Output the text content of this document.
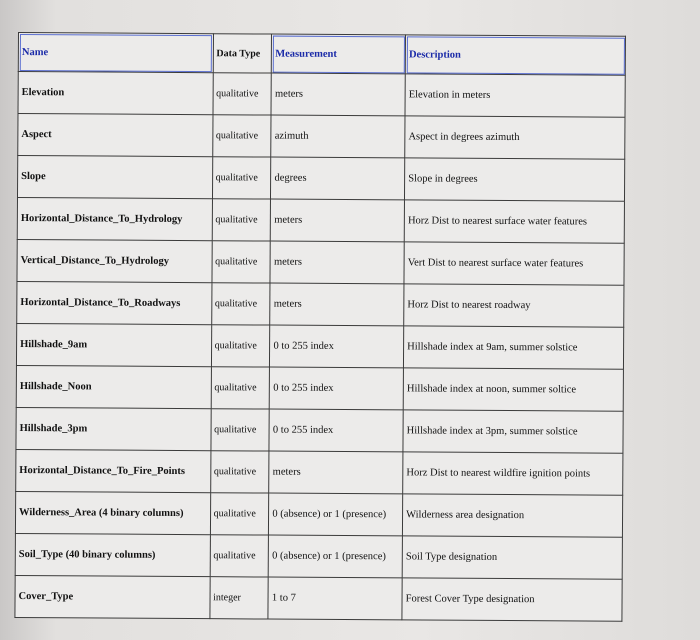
Name	Data Type	Measurement	Description
Elevation	qualitative	meters	Elevation in meters
Aspect	qualitative	azimuth	Aspect in degrees azimuth
Slope	qualitative	degrees	Slope in degrees
Horizontal_Distance_To_Hydrology	qualitative	meters	Horz Dist to nearest surface water features
Vertical_Distance_To_Hydrology	qualitative	meters	Vert Dist to nearest surface water features
Horizontal_Distance_To_Roadways	qualitative	meters	Horz Dist to nearest roadway
Hillshade_9am	qualitative	0 to 255 index	Hillshade index at 9am, summer solstice
Hillshade_Noon	qualitative	0 to 255 index	Hillshade index at noon, summer soltice
Hillshade_3pm	qualitative	0 to 255 index	Hillshade index at 3pm, summer solstice
Horizontal_Distance_To_Fire_Points	qualitative	meters	Horz Dist to nearest wildfire ignition points
Wilderness_Area (4 binary columns)	qualitative	0 (absence) or 1 (presence)	Wilderness area designation
Soil_Type (40 binary columns)	qualitative	0 (absence) or 1 (presence)	Soil Type designation
Cover_Type	integer	1 to 7	Forest Cover Type designation
